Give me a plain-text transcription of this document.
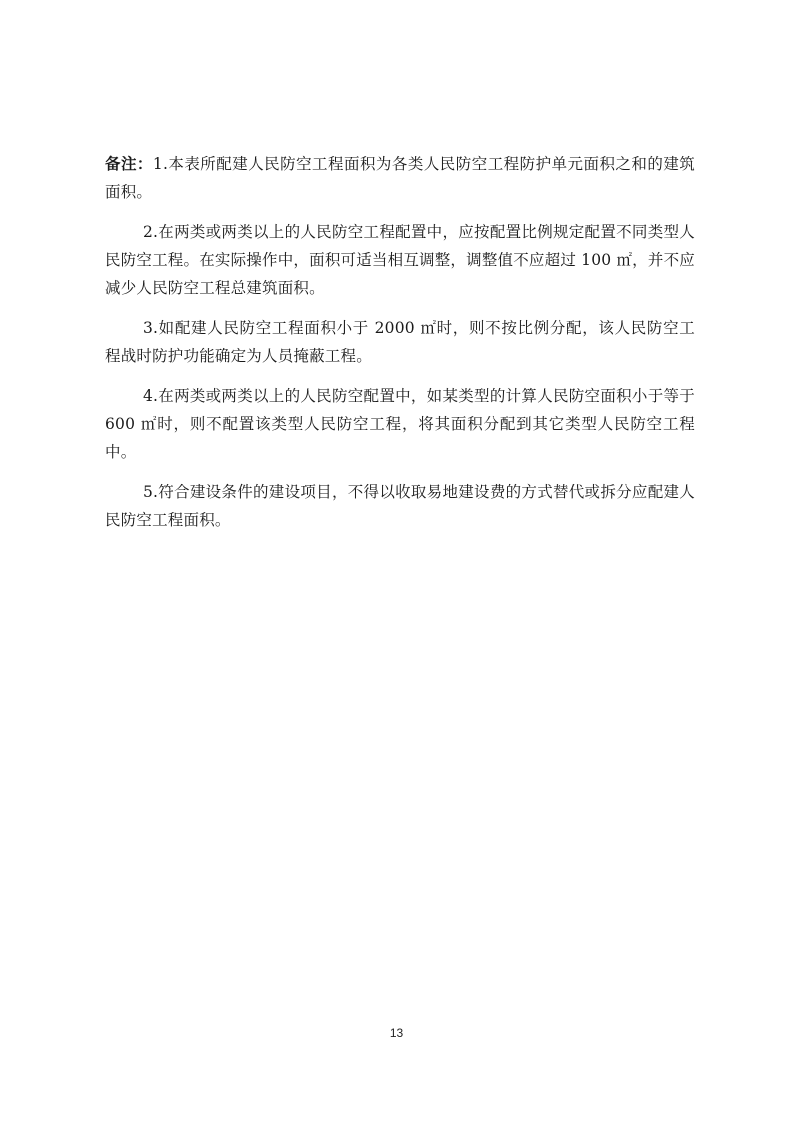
备注：1.本表所配建人民防空工程面积为各类人民防空工程防护单元面积之和的建筑面积。

2.在两类或两类以上的人民防空工程配置中，应按配置比例规定配置不同类型人民防空工程。在实际操作中，面积可适当相互调整，调整值不应超过 100 ㎡，并不应减少人民防空工程总建筑面积。

3.如配建人民防空工程面积小于 2000 ㎡时，则不按比例分配，该人民防空工程战时防护功能确定为人员掩蔽工程。

4.在两类或两类以上的人民防空配置中，如某类型的计算人民防空面积小于等于 600 ㎡时，则不配置该类型人民防空工程，将其面积分配到其它类型人民防空工程中。

5.符合建设条件的建设项目，不得以收取易地建设费的方式替代或拆分应配建人民防空工程面积。

13
